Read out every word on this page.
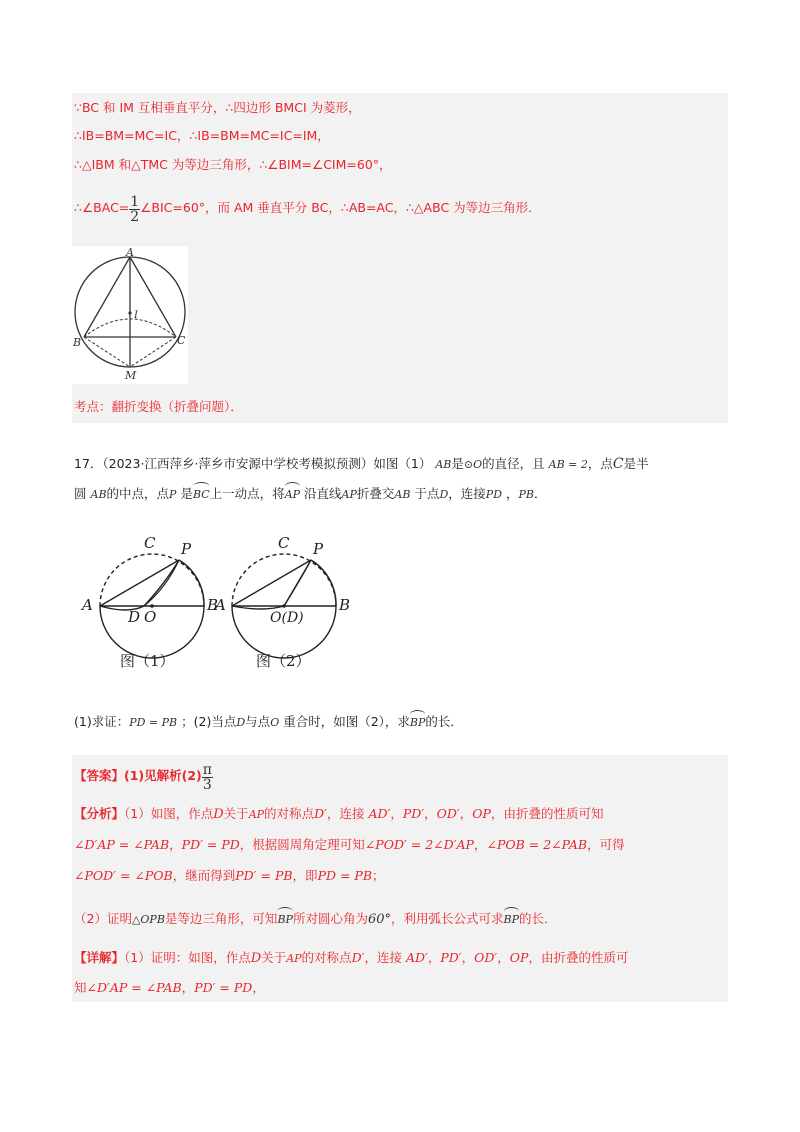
∵BC 和 IM 互相垂直平分，∴四边形 BMCI 为菱形，
∴IB=BM=MC=IC，∴IB=BM=MC=IC=IM，
∴△IBM 和△TMC 为等边三角形，∴∠BIM=∠CIM=60°，
∴∠BAC= $\frac{1}{2}$ ∠BIC=60°，而 AM 垂直平分 BC，∴AB=AC，∴△ABC 为等边三角形．
A
I
B	C
M
考点：翻折变换（折叠问题）．
17．（2023·江西萍乡·萍乡市安源中学校考模拟预测）如图（1） AB是⊙O的直径，且 AB = 2，点C是半
圆 AB的中点，点P 是BC上一动点，将AP 沿直线AP折叠交AB 于点D，连接PD ，PB．
A	B
C P
D O
图（1）
A	B
C P
O(D)
图（2）
(1)求证：PD = PB ；(2)当点D与点O 重合时，如图（2），求BP的长．
【答案】(1)见解析$(2) \frac{\pi}{3}$
【分析】（1）如图，作点D关于AP的对称点D′，连接 AD′，PD′，OD′，OP，由折叠的性质可知
∠D′AP = ∠PAB，PD′ = PD，根据圆周角定理可知∠POD′ = 2∠D′AP，∠POB = 2∠PAB，可得
∠POD′ = ∠POB，继而得到PD′ = PB，即PD = PB；
（2）证明△OPB是等边三角形，可知BP所对圆心角为60°，利用弧长公式可求BP的长．
【详解】（1）证明：如图，作点D关于AP的对称点D′，连接 AD′，PD′，OD′，OP，由折叠的性质可
知∠D′AP = ∠PAB，PD′ = PD，
